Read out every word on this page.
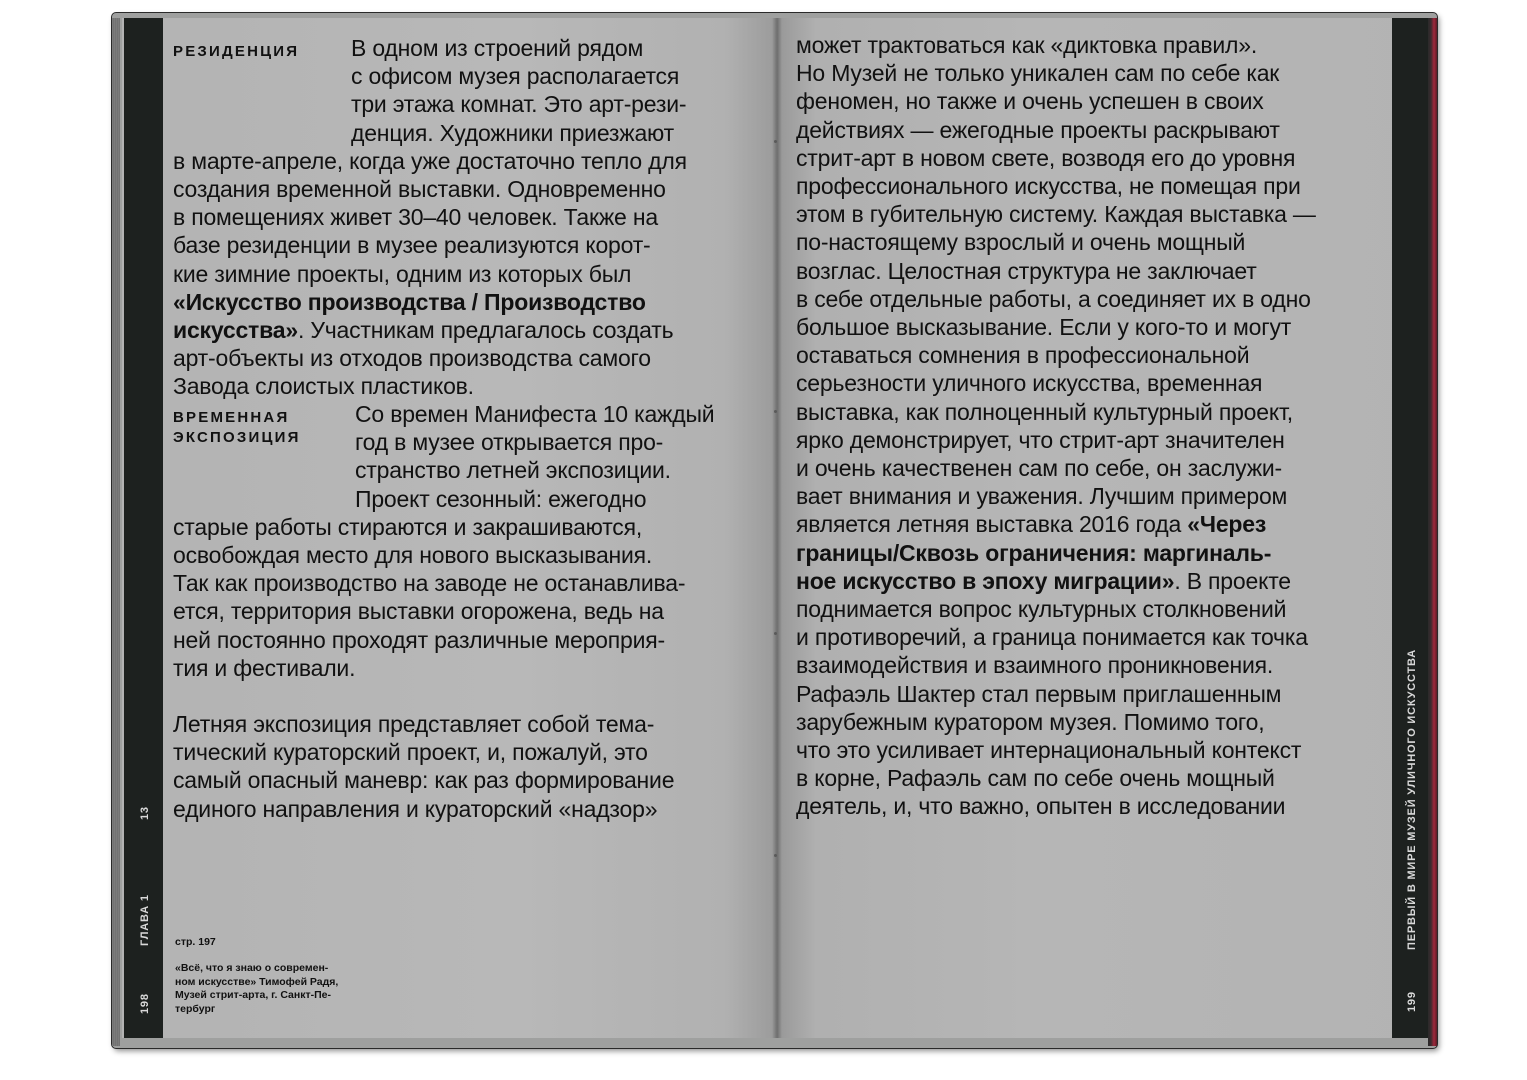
198
ГЛАВА 1
13
РЕЗИДЕНЦИЯ	В одном из строений рядом

с офисом музея располагается

три этажа комнат. Это арт-рези-

денция. Художники приезжают

в марте-апреле, когда уже достаточно тепло для

создания временной выставки. Одновременно

в помещениях живет 30–40 человек. Также на

базе резиденции в музее реализуются корот-

кие зимние проекты, одним из которых был

«Искусство производства / Производство

искусства». Участникам предлагалось создать

арт-объекты из отходов производства самого

Завода слоистых пластиков.

ВРЕМЕННАЯ
ЭКСПОЗИЦИЯ

Со времен Манифеста 10 каждый

год в музее открывается про-

странство летней экспозиции.

Проект сезонный: ежегодно

старые работы стираются и закрашиваются,

освобождая место для нового высказывания.

Так как производство на заводе не останавлива-

ется, территория выставки огорожена, ведь на

ней постоянно проходят различные мероприя-

тия и фестивали.

Летняя экспозиция представляет собой тема-

тический кураторский проект, и, пожалуй, это

самый опасный маневр: как раз формирование

единого направления и кураторский «надзор»

стр. 197
«Всё, что я знаю о современ-
ном искусстве» Тимофей Радя,
Музей стрит-арта, г. Санкт-Пе-
тербург

может трактоваться как «диктовка правил».

Но Музей не только уникален сам по себе как

феномен, но также и очень успешен в своих

действиях — ежегодные проекты раскрывают

стрит-арт в новом свете, возводя его до уровня

профессионального искусства, не помещая при

этом в губительную систему. Каждая выставка —

по-настоящему взрослый и очень мощный

возглас. Целостная структура не заключает

в себе отдельные работы, а соединяет их в одно

большое высказывание. Если у кого-то и могут

оставаться сомнения в профессиональной

серьезности уличного искусства, временная

выставка, как полноценный культурный проект,

ярко демонстрирует, что стрит-арт значителен

и очень качественен сам по себе, он заслужи-

вает внимания и уважения. Лучшим примером

является летняя выставка 2016 года «Через

границы/Сквозь ограничения: маргиналь-

ное искусство в эпоху миграции». В проекте

поднимается вопрос культурных столкновений

и противоречий, а граница понимается как точка

взаимодействия и взаимного проникновения.

Рафаэль Шактер стал первым приглашенным

зарубежным куратором музея. Помимо того,

что это усиливает интернациональный контекст

в корне, Рафаэль сам по себе очень мощный

деятель, и, что важно, опытен в исследовании

199
ПЕРВЫЙ В МИРЕ МУЗЕЙ УЛИЧНОГО ИСКУССТВА
